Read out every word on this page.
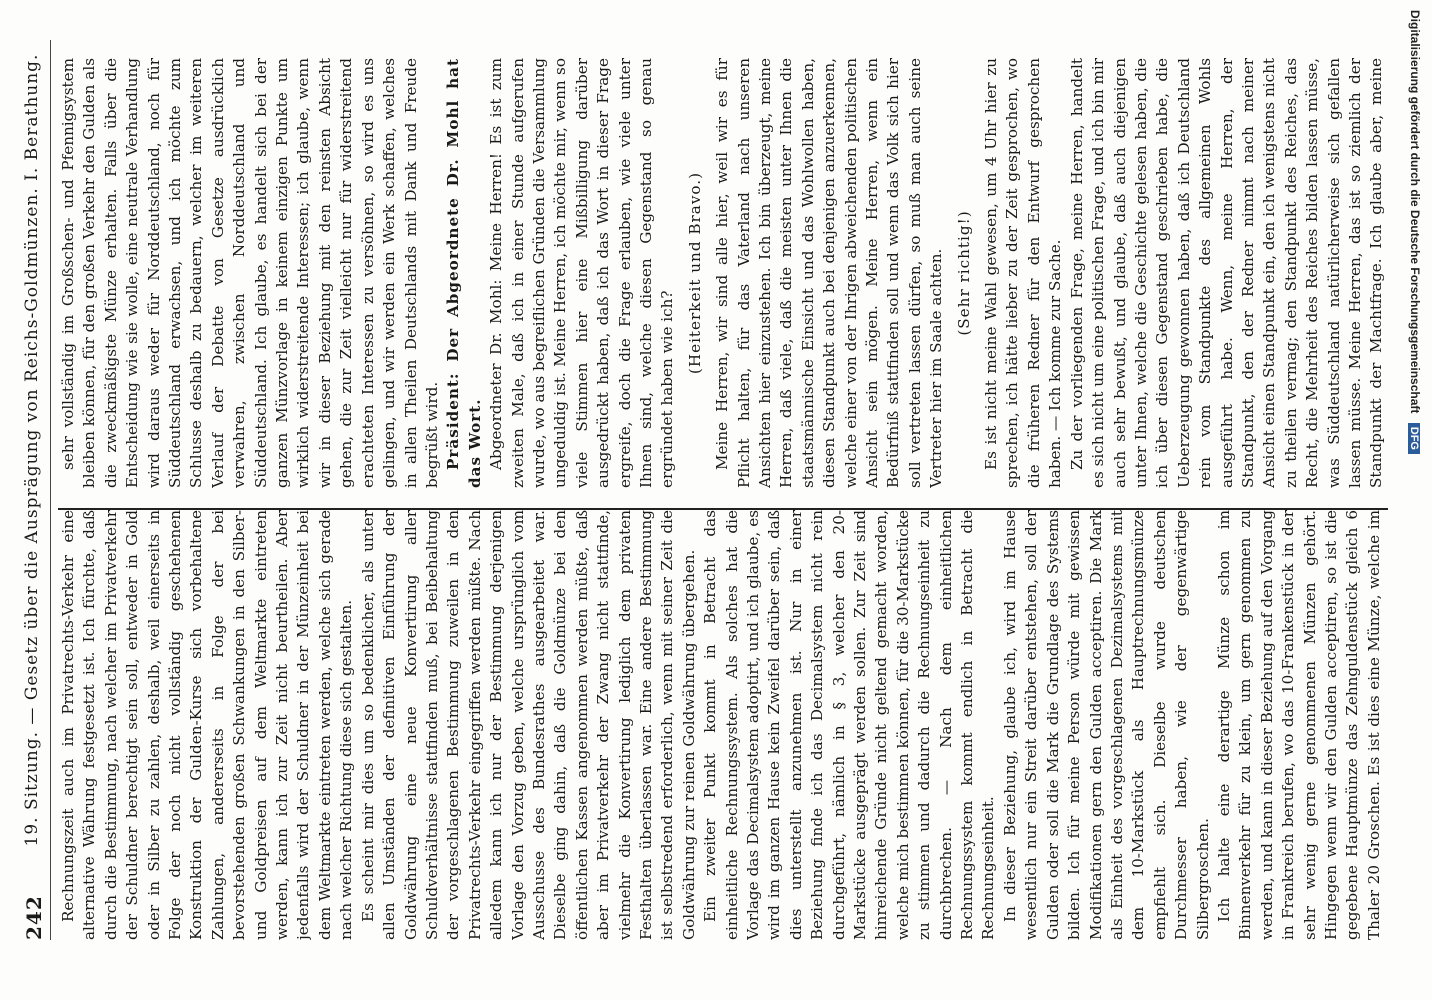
242
19. Sitzung. — Gesetz über die Ausprägung von Reichs-Goldmünzen. I. Berathung. Rechnungszeit auch im Privatrechts-Verkehr eine alternative Währung festgesetzt ist. Ich fürchte, daß durch die Bestimmung, nach welcher im Privatverkehr der Schuldner berechtigt sein soll, entweder in Gold oder in Silber zu zahlen, deshalb, weil einerseits in Folge der noch nicht vollständig geschehenen Konstruktion der Gulden-Kurse sich vorbehaltene Zahlungen, andererseits in Folge der bei bevorstehenden großen Schwankungen in den Silber- und Goldpreisen auf dem Weltmarkte eintreten werden, kann ich zur Zeit nicht beurtheilen. Aber jedenfalls wird der Schuldner in der Münzeinheit bei dem Weltmarkte eintreten werden, welche sich gerade nach welcher Richtung diese sich gestalten. Es scheint mir dies um so bedenklicher, als unter allen Umständen der definitiven Einführung der Goldwährung eine neue Konvertirung aller Schuldverhältnisse stattfinden muß, bei Beibehaltung der vorgeschlagenen Bestimmung zuweilen in den Privatrechts-Verkehr eingegriffen werden müßte. Nach alledem kann ich nur der Bestimmung derjenigen Vorlage den Vorzug geben, welche ursprünglich vom Ausschusse des Bundesrathes ausgearbeitet war. Dieselbe ging dahin, daß die Goldmünze bei den öffentlichen Kassen angenommen werden müßte, daß aber im Privatverkehr der Zwang nicht stattfinde, vielmehr die Konvertirung lediglich dem privaten Festhalten überlassen war. Eine andere Bestimmung ist selbstredend erforderlich, wenn mit seiner Zeit die Goldwährung zur reinen Goldwährung übergehen. Ein zweiter Punkt kommt in Betracht das einheitliche Rechnungssystem. Als solches hat die Vorlage das Decimalsystem adoptirt, und ich glaube, es wird im ganzen Hause kein Zweifel darüber sein, daß dies unterstellt anzunehmen ist. Nur in einer Beziehung finde ich das Decimalsystem nicht rein durchgeführt, nämlich in § 3, welcher den 20-Markstücke ausgeprägt werden sollen. Zur Zeit sind hinreichende Gründe nicht geltend gemacht worden, welche mich bestimmen können, für die 30-Markstücke zu stimmen und dadurch die Rechnungseinheit zu durchbrechen. — Nach dem einheitlichen Rechnungssystem kommt endlich in Betracht die Rechnungseinheit. In dieser Beziehung, glaube ich, wird im Hause wesentlich nur ein Streit darüber entstehen, soll der Gulden oder soll die Mark die Grundlage des Systems bilden. Ich für meine Person würde mit gewissen Modifikationen gern den Gulden acceptiren. Die Mark als Einheit des vorgeschlagenen Dezimalsystems mit dem 10-Markstück als Hauptrechnungsmünze empfiehlt sich. Dieselbe wurde deutschen Durchmesser haben, wie der gegenwärtige Silbergroschen. Ich halte eine derartige Münze schon im Binnenverkehr für zu klein, um gern genommen zu werden, und kann in dieser Beziehung auf den Vorgang in Frankreich berufen, wo das 10-Frankenstück in der sehr wenig gerne genommenen Münzen gehört. Hingegen wenn wir den Gulden acceptiren, so ist die gegebene Hauptmünze das Zehnguldenstück gleich 6 Thaler 20 Groschen. Es ist dies eine Münze, welche im

sehr vollständig im Großschen- und Pfennigsystem bleiben können, für den großen Verkehr den Gulden als die zweckmäßigste Münze erhalten. Falls über die Entscheidung wie sie wolle, eine neutrale Verhandlung wird daraus weder für Norddeutschland, noch für Süddeutschland erwachsen, und ich möchte zum Schlusse deshalb zu bedauern, welcher im weiteren Verlauf der Debatte von Gesetze ausdrücklich verwahren, zwischen Norddeutschland und Süddeutschland. Ich glaube, es handelt sich bei der ganzen Münzvorlage in keinem einzigen Punkte um wirklich widerstreitende Interessen; ich glaube, wenn wir in dieser Beziehung mit den reinsten Absicht gehen, die zur Zeit vielleicht nur für widerstreitend erachteten Interessen zu versöhnen, so wird es uns gelingen, und wir werden ein Werk schaffen, welches in allen Theilen Deutschlands mit Dank und Freude begrüßt wird. Präsident: Der Abgeordnete Dr. Mohl hat das Wort. Abgeordneter Dr. Mohl: Meine Herren! Es ist zum zweiten Male, daß ich in einer Stunde aufgerufen wurde, wo aus begreiflichen Gründen die Versammlung ungeduldig ist. Meine Herren, ich möchte mir, wenn so viele Stimmen hier eine Mißbilligung darüber ausgedrückt haben, daß ich das Wort in dieser Frage ergreife, doch die Frage erlauben, wie viele unter Ihnen sind, welche diesen Gegenstand so genau ergründet haben wie ich?

(Heiterkeit und Bravo.) Meine Herren, wir sind alle hier, weil wir es für Pflicht halten, für das Vaterland nach unseren Ansichten hier einzustehen. Ich bin überzeugt, meine Herren, daß viele, daß die meisten unter Ihnen die staatsmännische Einsicht und das Wohlwollen haben, diesen Standpunkt auch bei denjenigen anzuerkennen, welche einer von der Ihrigen abweichenden politischen Ansicht sein mögen. Meine Herren, wenn ein Bedürfniß stattfinden soll und wenn das Volk sich hier soll vertreten lassen dürfen, so muß man auch seine Vertreter hier im Saale achten. (Sehr richtig!) Es ist nicht meine Wahl gewesen, um 4 Uhr hier zu sprechen, ich hätte lieber zu der Zeit gesprochen, wo die früheren Redner für den Entwurf gesprochen haben. — Ich komme zur Sache. Zu der vorliegenden Frage, meine Herren, handelt es sich nicht um eine politischen Frage, und ich bin mir auch sehr bewußt, und glaube, daß auch diejenigen unter Ihnen, welche die Geschichte gelesen haben, die ich über diesen Gegenstand geschrieben habe, die Ueberzeugung gewonnen haben, daß ich Deutschland rein vom Standpunkte des allgemeinen Wohls ausgeführt habe. Wenn, meine Herren, der Standpunkt, den der Redner nimmt nach meiner Ansicht einen Standpunkt ein, den ich wenigstens nicht zu theilen vermag; den Standpunkt des Reiches, das Recht, die Mehrheit des Reiches bilden lassen müsse, was Süddeutschland natürlicherweise sich gefallen lassen müsse. Meine Herren, das ist so ziemlich der Standpunkt der Machtfrage. Ich glaube aber, meine	Digitalisierung gefördert durch die Deutsche Forschungsgemeinschaft DFG
